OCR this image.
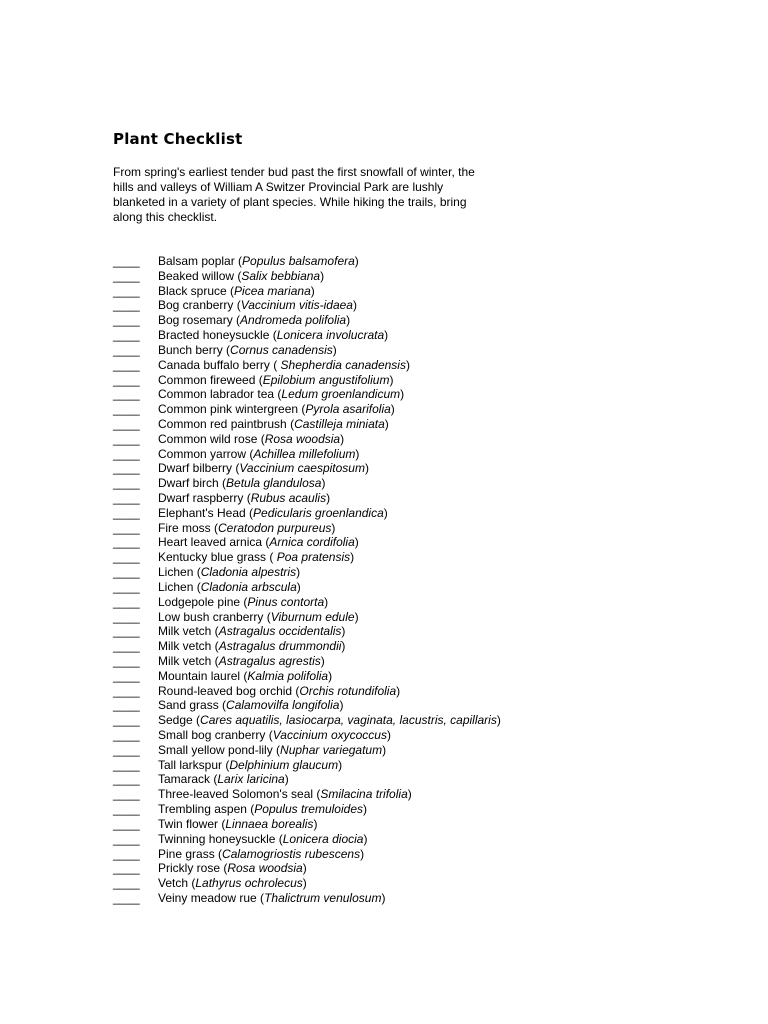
Plant Checklist

From spring's earliest tender bud past the first snowfall of winter, the hills and valleys of William A Switzer Provincial Park are lushly blanketed in a variety of plant species. While hiking the trails, bring along this checklist.

____ Balsam poplar (Populus balsamofera)
____ Beaked willow (Salix bebbiana)
____ Black spruce (Picea mariana)
____ Bog cranberry (Vaccinium vitis-idaea)
____ Bog rosemary (Andromeda polifolia)
____ Bracted honeysuckle (Lonicera involucrata)
____ Bunch berry (Cornus canadensis)
____ Canada buffalo berry ( Shepherdia canadensis)
____ Common fireweed (Epilobium angustifolium)
____ Common labrador tea (Ledum groenlandicum)
____ Common pink wintergreen (Pyrola asarifolia)
____ Common red paintbrush (Castilleja miniata)
____ Common wild rose (Rosa woodsia)
____ Common yarrow (Achillea millefolium)
____ Dwarf bilberry (Vaccinium caespitosum)
____ Dwarf birch (Betula glandulosa)
____ Dwarf raspberry (Rubus acaulis)
____ Elephant's Head (Pedicularis groenlandica)
____ Fire moss (Ceratodon purpureus)
____ Heart leaved arnica (Arnica cordifolia)
____ Kentucky blue grass ( Poa pratensis)
____ Lichen (Cladonia alpestris)
____ Lichen (Cladonia arbscula)
____ Lodgepole pine (Pinus contorta)
____ Low bush cranberry (Viburnum edule)
____ Milk vetch (Astragalus occidentalis)
____ Milk vetch (Astragalus drummondii)
____ Milk vetch (Astragalus agrestis)
____ Mountain laurel (Kalmia polifolia)
____ Round-leaved bog orchid (Orchis rotundifolia)
____ Sand grass (Calamovilfa longifolia)
____ Sedge (Cares aquatilis, lasiocarpa, vaginata, lacustris, capillaris)
____ Small bog cranberry (Vaccinium oxycoccus)
____ Small yellow pond-lily (Nuphar variegatum)
____ Tall larkspur (Delphinium glaucum)
____ Tamarack (Larix laricina)
____ Three-leaved Solomon's seal (Smilacina trifolia)
____ Trembling aspen (Populus tremuloides)
____ Twin flower (Linnaea borealis)
____ Twinning honeysuckle (Lonicera diocia)
____ Pine grass (Calamogriostis rubescens)
____ Prickly rose (Rosa woodsia)
____ Vetch (Lathyrus ochrolecus)
____ Veiny meadow rue (Thalictrum venulosum)
